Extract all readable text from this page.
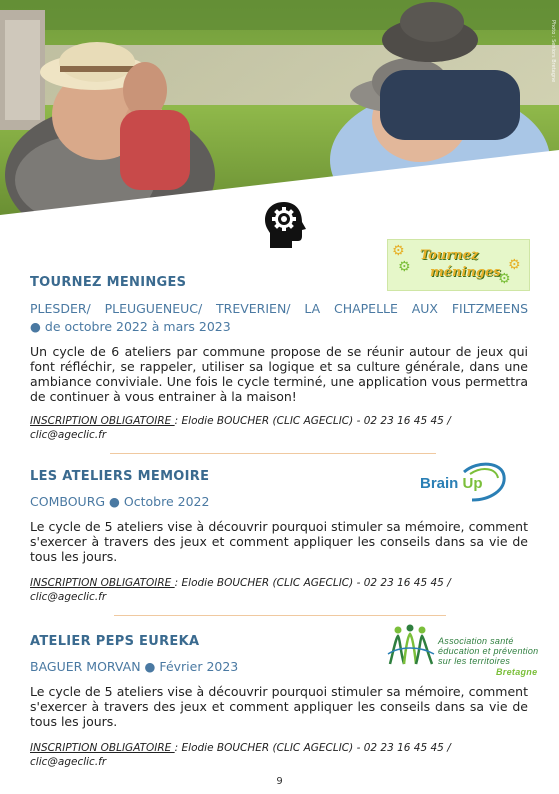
Photo : Seniors Bretagne
⚙
⚙	⚙
⚙
Tournez
méninges
TOURNEZ MENINGES
PLESDER/ PLEUGUENEUC/ TREVERIEN/ LA CHAPELLE AUX FILTZMEENS
● de octobre 2022 à mars 2023
Un cycle de 6 ateliers par commune propose de se réunir autour de jeux qui font réfléchir, se rappeler, utiliser sa logique et sa culture générale, dans une ambiance conviviale. Une fois le cycle terminé, une application vous permettra de continuer à vous entrainer à la maison!
INSCRIPTION OBLIGATOIRE : Elodie BOUCHER (CLIC AGECLIC) - 02 23 16 45 45 / clic@ageclic.fr
Brain Up
LES ATELIERS MEMOIRE
COMBOURG ● Octobre 2022
Le cycle de 5 ateliers vise à découvrir pourquoi stimuler sa mémoire, comment s'exercer à travers des jeux et comment appliquer les conseils dans sa vie de tous les jours.
INSCRIPTION OBLIGATOIRE : Elodie BOUCHER (CLIC AGECLIC) - 02 23 16 45 45 / clic@ageclic.fr
Association santé
éducation et prévention
sur les territoires
Bretagne
ATELIER PEPS EUREKA
BAGUER MORVAN ● Février 2023
Le cycle de 5 ateliers vise à découvrir pourquoi stimuler sa mémoire, comment s'exercer à travers des jeux et comment appliquer les conseils dans sa vie de tous les jours.
INSCRIPTION OBLIGATOIRE : Elodie BOUCHER (CLIC AGECLIC) - 02 23 16 45 45 / clic@ageclic.fr
9
